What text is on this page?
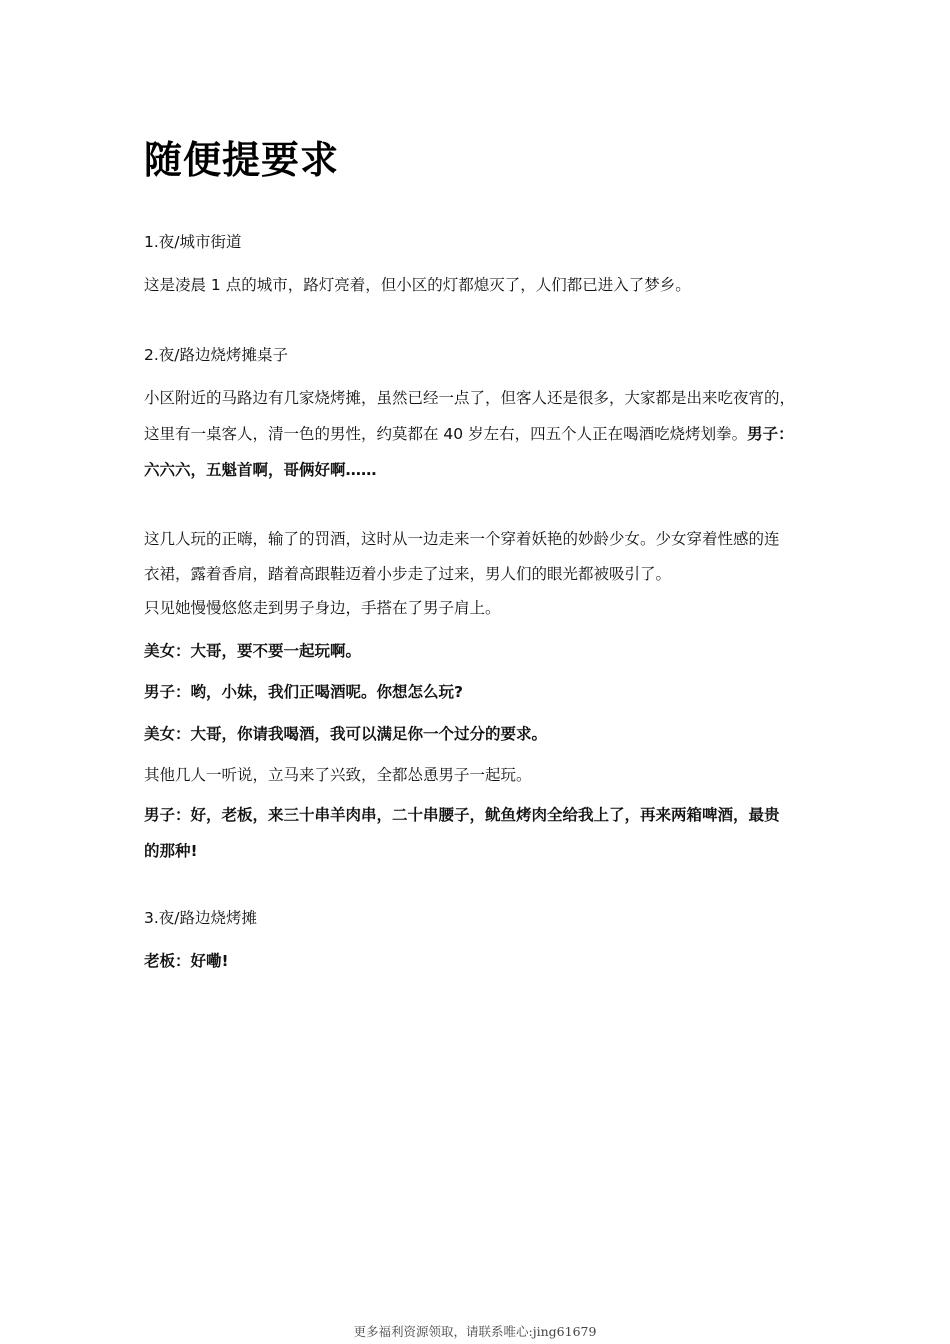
随便提要求

1.夜/城市街道

这是凌晨 1 点的城市，路灯亮着，但小区的灯都熄灭了，人们都已进入了梦乡。

2.夜/路边烧烤摊桌子

小区附近的马路边有几家烧烤摊，虽然已经一点了，但客人还是很多，大家都是出来吃夜宵的，

这里有一桌客人，清一色的男性，约莫都在 40 岁左右，四五个人正在喝酒吃烧烤划拳。男子：

六六六，五魁首啊，哥俩好啊……

这几人玩的正嗨，输了的罚酒，这时从一边走来一个穿着妖艳的妙龄少女。少女穿着性感的连

衣裙，露着香肩，踏着高跟鞋迈着小步走了过来，男人们的眼光都被吸引了。

只见她慢慢悠悠走到男子身边，手搭在了男子肩上。

美女：大哥，要不要一起玩啊。

男子：哟，小妹，我们正喝酒呢。你想怎么玩?

美女：大哥，你请我喝酒，我可以满足你一个过分的要求。

其他几人一听说，立马来了兴致，全都怂恿男子一起玩。

男子：好，老板，来三十串羊肉串，二十串腰子，鱿鱼烤肉全给我上了，再来两箱啤酒，最贵

的那种!

3.夜/路边烧烤摊

老板：好嘞!

更多福利资源领取，请联系唯心:jing61679
